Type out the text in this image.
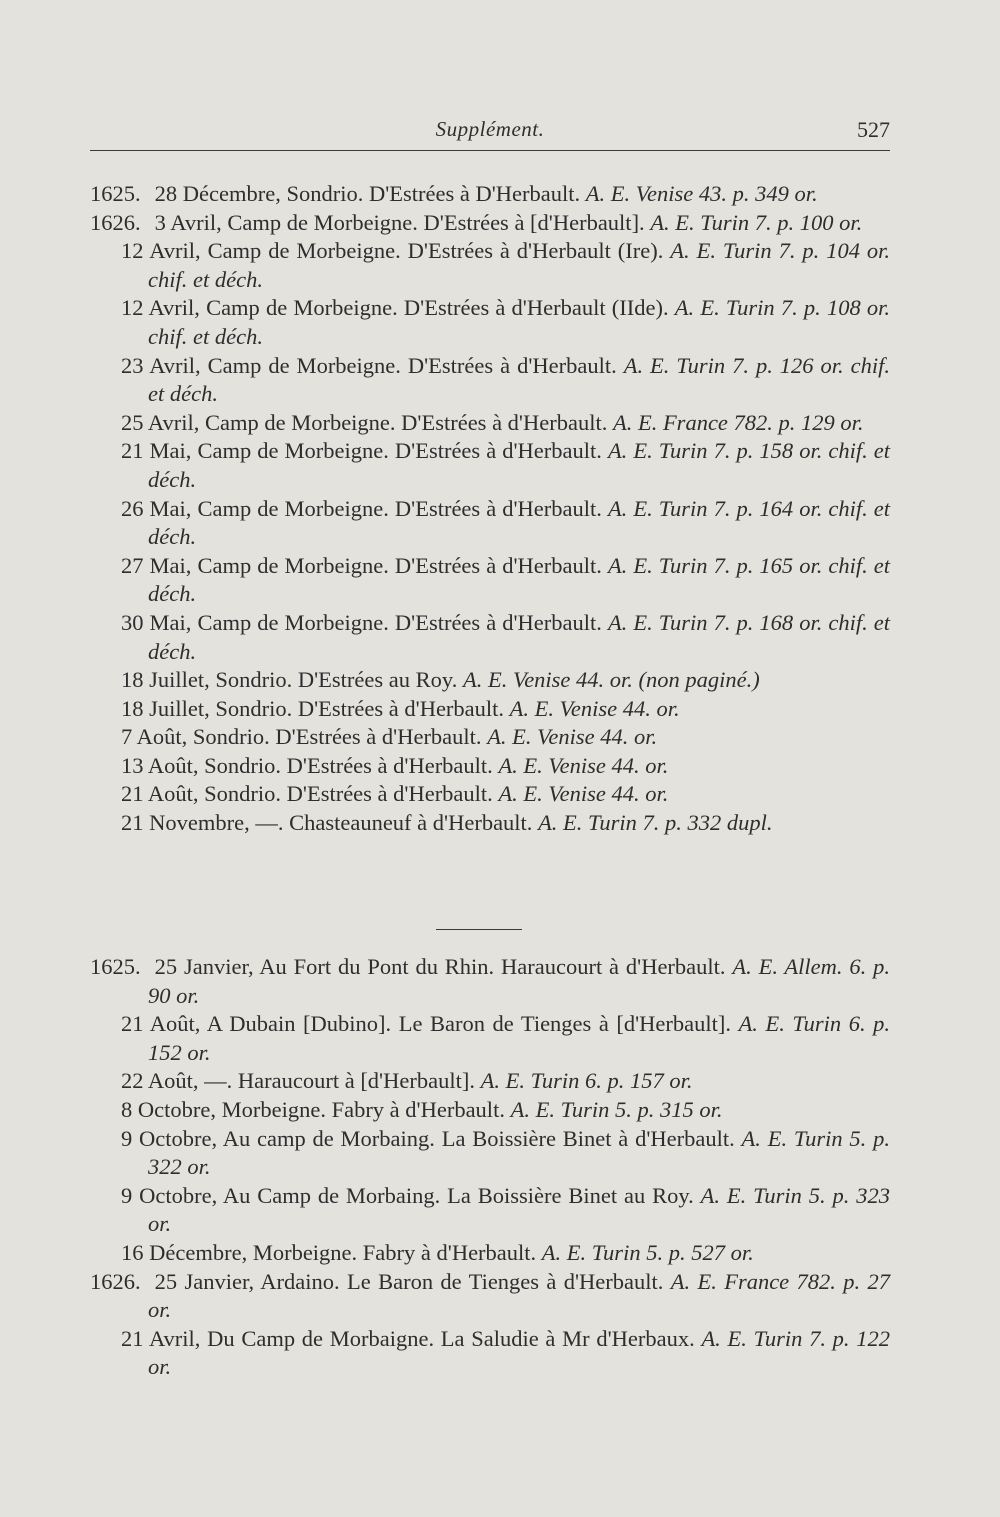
Supplément.	527

1625. 28 Décembre, Sondrio. D'Estrées à D'Herbault. A. E. Venise 43. p. 349 or.

1626. 3 Avril, Camp de Morbeigne. D'Estrées à [d'Herbault]. A. E. Turin 7. p. 100 or.

12 Avril, Camp de Morbeigne. D'Estrées à d'Herbault (Ire). A. E. Turin 7. p. 104 or. chif. et déch.

12 Avril, Camp de Morbeigne. D'Estrées à d'Herbault (IIde). A. E. Turin 7. p. 108 or. chif. et déch.

23 Avril, Camp de Morbeigne. D'Estrées à d'Herbault. A. E. Turin 7. p. 126 or. chif. et déch.

25 Avril, Camp de Morbeigne. D'Estrées à d'Herbault. A. E. France 782. p. 129 or.

21 Mai, Camp de Morbeigne. D'Estrées à d'Herbault. A. E. Turin 7. p. 158 or. chif. et déch.

26 Mai, Camp de Morbeigne. D'Estrées à d'Herbault. A. E. Turin 7. p. 164 or. chif. et déch.

27 Mai, Camp de Morbeigne. D'Estrées à d'Herbault. A. E. Turin 7. p. 165 or. chif. et déch.

30 Mai, Camp de Morbeigne. D'Estrées à d'Herbault. A. E. Turin 7. p. 168 or. chif. et déch.

18 Juillet, Sondrio. D'Estrées au Roy. A. E. Venise 44. or. (non paginé.)

18 Juillet, Sondrio. D'Estrées à d'Herbault. A. E. Venise 44. or.

7 Août, Sondrio. D'Estrées à d'Herbault. A. E. Venise 44. or.

13 Août, Sondrio. D'Estrées à d'Herbault. A. E. Venise 44. or.

21 Août, Sondrio. D'Estrées à d'Herbault. A. E. Venise 44. or.

21 Novembre, —. Chasteauneuf à d'Herbault. A. E. Turin 7. p. 332 dupl.

1625. 25 Janvier, Au Fort du Pont du Rhin. Haraucourt à d'Herbault. A. E. Allem. 6. p. 90 or.

21 Août, A Dubain [Dubino]. Le Baron de Tienges à [d'Herbault]. A. E. Turin 6. p. 152 or.

22 Août, —. Haraucourt à [d'Herbault]. A. E. Turin 6. p. 157 or.

8 Octobre, Morbeigne. Fabry à d'Herbault. A. E. Turin 5. p. 315 or.

9 Octobre, Au camp de Morbaing. La Boissière Binet à d'Herbault. A. E. Turin 5. p. 322 or.

9 Octobre, Au Camp de Morbaing. La Boissière Binet au Roy. A. E. Turin 5. p. 323 or.

16 Décembre, Morbeigne. Fabry à d'Herbault. A. E. Turin 5. p. 527 or.

1626. 25 Janvier, Ardaino. Le Baron de Tienges à d'Herbault. A. E. France 782. p. 27 or.

21 Avril, Du Camp de Morbaigne. La Saludie à Mr d'Herbaux. A. E. Turin 7. p. 122 or.
